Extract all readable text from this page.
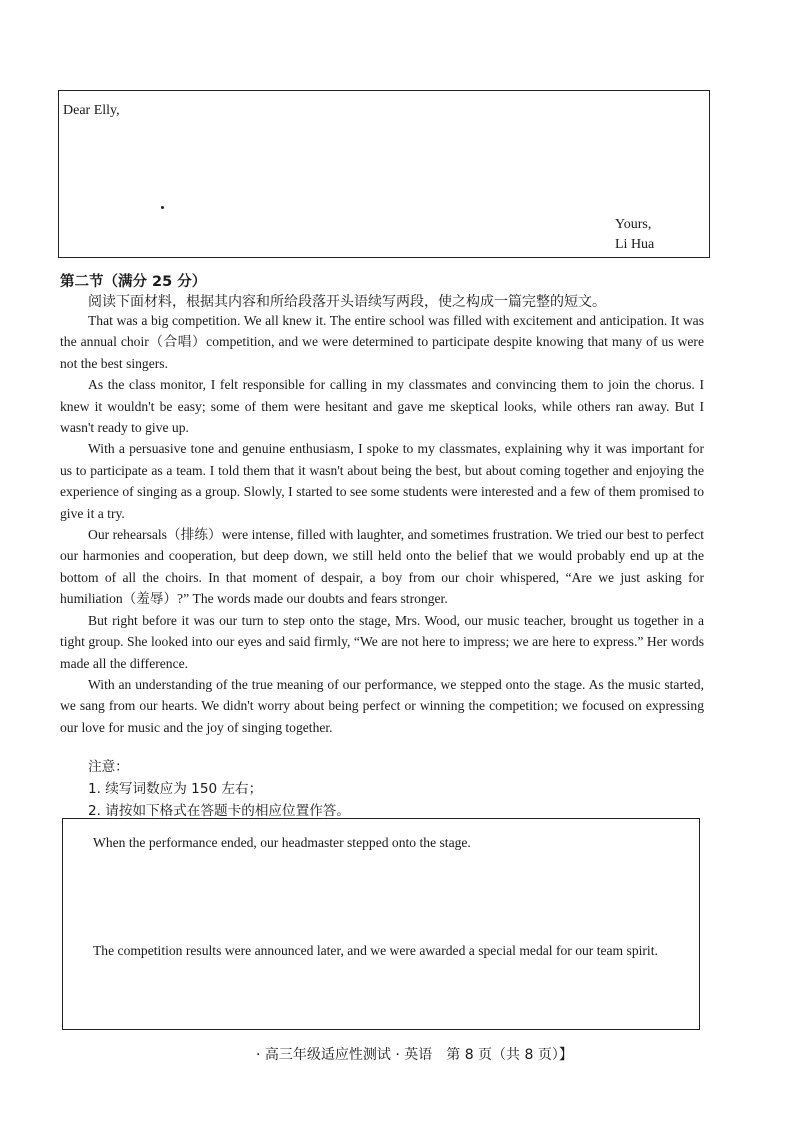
Dear Elly,
Yours,
Li Hua
第二节（满分 25 分）
阅读下面材料，根据其内容和所给段落开头语续写两段，使之构成一篇完整的短文。

That was a big competition. We all knew it. The entire school was filled with excitement and anticipation. It was the annual choir（合唱）competition, and we were determined to participate despite knowing that many of us were not the best singers.

As the class monitor, I felt responsible for calling in my classmates and convincing them to join the chorus. I knew it wouldn't be easy; some of them were hesitant and gave me skeptical looks, while others ran away. But I wasn't ready to give up.

With a persuasive tone and genuine enthusiasm, I spoke to my classmates, explaining why it was important for us to participate as a team. I told them that it wasn't about being the best, but about coming together and enjoying the experience of singing as a group. Slowly, I started to see some students were interested and a few of them promised to give it a try.

Our rehearsals（排练）were intense, filled with laughter, and sometimes frustration. We tried our best to perfect our harmonies and cooperation, but deep down, we still held onto the belief that we would probably end up at the bottom of all the choirs. In that moment of despair, a boy from our choir whispered, “Are we just asking for humiliation（羞辱）?” The words made our doubts and fears stronger.

But right before it was our turn to step onto the stage, Mrs. Wood, our music teacher, brought us together in a tight group. She looked into our eyes and said firmly, “We are not here to impress; we are here to express.” Her words made all the difference.

With an understanding of the true meaning of our performance, we stepped onto the stage. As the music started, we sang from our hearts. We didn't worry about being perfect or winning the competition; we focused on expressing our love for music and the joy of singing together.

注意：
1. 续写词数应为 150 左右；
2. 请按如下格式在答题卡的相应位置作答。
When the performance ended, our headmaster stepped onto the stage.
The competition results were announced later, and we were awarded a special medal for our team spirit.
· 高三年级适应性测试 · 英语　第 8 页（共 8 页）】
